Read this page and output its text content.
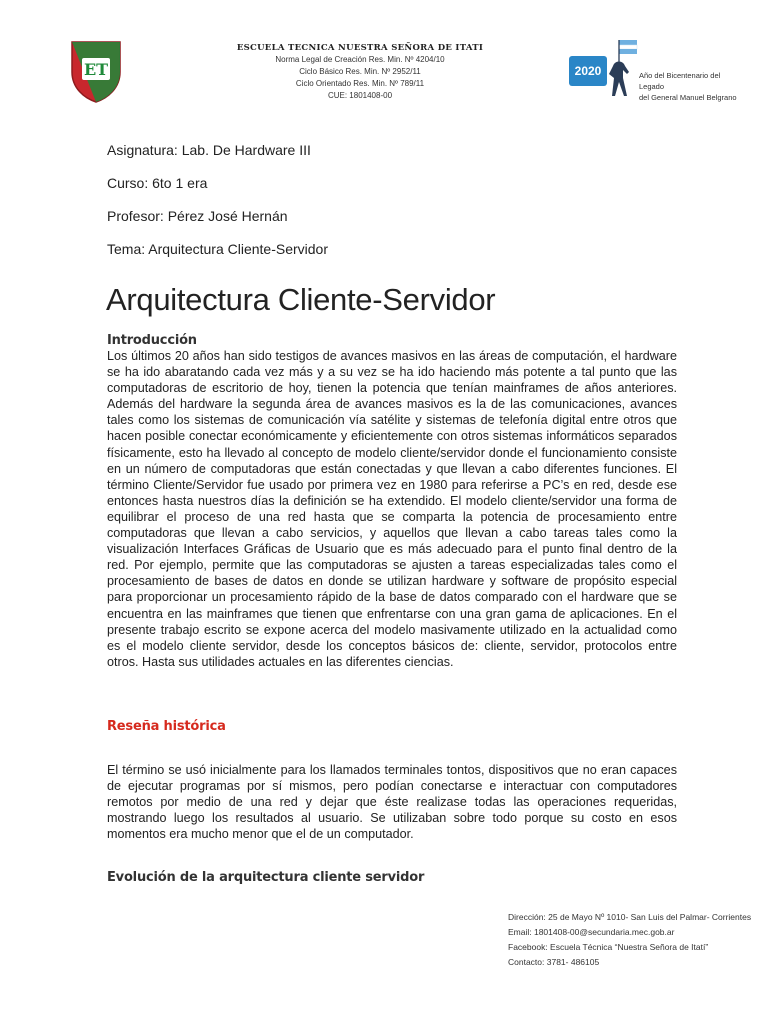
ET
ESCUELA TECNICA NUESTRA SEÑORA DE ITATI
Norma Legal de Creación Res. Min. Nº 4204/10
Ciclo Básico Res. Min. Nº 2952/11
Ciclo Orientado Res. Min. Nº 789/11
CUE: 1801408-00
2020	Año del Bicentenario del Legado
del General Manuel Belgrano
Asignatura: Lab. De Hardware III
Curso: 6to 1 era
Profesor: Pérez José Hernán
Tema: Arquitectura Cliente-Servidor
Arquitectura Cliente-Servidor
Introducción
Los últimos 20 años han sido testigos de avances masivos en las áreas de computación, el hardware se ha ido abaratando cada vez más y a su vez se ha ido haciendo más potente a tal punto que las computadoras de escritorio de hoy, tienen la potencia que tenían mainframes de años anteriores. Además del hardware la segunda área de avances masivos es la de las comunicaciones, avances tales como los sistemas de comunicación vía satélite y sistemas de telefonía digital entre otros que hacen posible conectar económicamente y eficientemente con otros sistemas informáticos separados físicamente, esto ha llevado al concepto de modelo cliente/servidor donde el funcionamiento consiste en un número de computadoras que están conectadas y que llevan a cabo diferentes funciones. El término Cliente/Servidor fue usado por primera vez en 1980 para referirse a PC’s en red, desde ese entonces hasta nuestros días la definición se ha extendido. El modelo cliente/servidor una forma de equilibrar el proceso de una red hasta que se comparta la potencia de procesamiento entre computadoras que llevan a cabo servicios, y aquellos que llevan a cabo tareas tales como la visualización Interfaces Gráficas de Usuario que es más adecuado para el punto final dentro de la red. Por ejemplo, permite que las computadoras se ajusten a tareas especializadas tales como el procesamiento de bases de datos en donde se utilizan hardware y software de propósito especial para proporcionar un procesamiento rápido de la base de datos comparado con el hardware que se encuentra en las mainframes que tienen que enfrentarse con una gran gama de aplicaciones. En el presente trabajo escrito se expone acerca del modelo masivamente utilizado en la actualidad como es el modelo cliente servidor, desde los conceptos básicos de: cliente, servidor, protocolos entre otros. Hasta sus utilidades actuales en las diferentes ciencias.
Reseña histórica
El término se usó inicialmente para los llamados terminales tontos, dispositivos que no eran capaces de ejecutar programas por sí mismos, pero podían conectarse e interactuar con computadores remotos por medio de una red y dejar que éste realizase todas las operaciones requeridas, mostrando luego los resultados al usuario. Se utilizaban sobre todo porque su costo en esos momentos era mucho menor que el de un computador.
Evolución de la arquitectura cliente servidor
Dirección: 25 de Mayo Nº 1010- San Luis del Palmar- Corrientes
Email: 1801408-00@secundaria.mec.gob.ar
Facebook: Escuela Técnica “Nuestra Señora de Itatí”
Contacto: 3781- 486105
